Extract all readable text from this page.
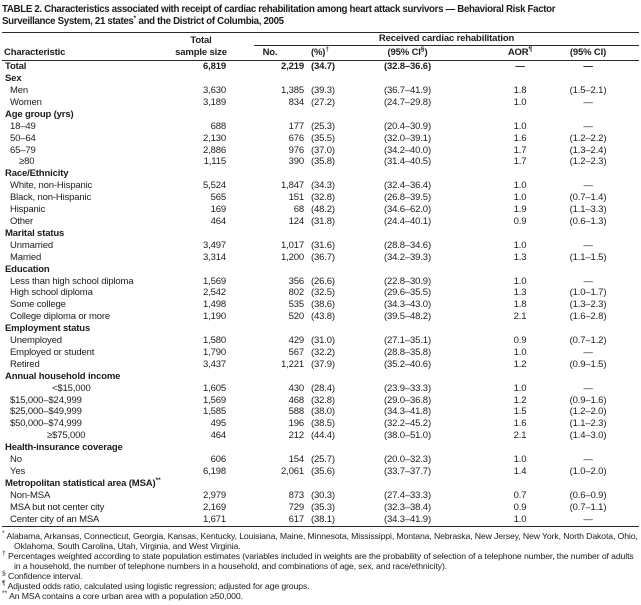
TABLE 2. Characteristics associated with receipt of cardiac rehabilitation among heart attack survivors — Behavioral Risk Factor
Surveillance System, 21 states* and the District of Columbia, 2005
	Total	Received cardiac rehabilitation				

Characteristic	sample size	No.	(%)†	(95% CI§)	AOR¶	(95% CI)
Total	6,819	2,219	(34.7)	(32.8–36.6)	—	—
Sex						
Men	3,630	1,385	(39.3)	(36.7–41.9)	1.8	(1.5–2.1)
Women	3,189	834	(27.2)	(24.7–29.8)	1.0	—
Age group (yrs)						
18–49	688	177	(25.3)	(20.4–30.9)	1.0	—
50–64	2,130	676	(35.5)	(32.0–39.1)	1.6	(1.2–2.2)
65–79	2,886	976	(37.0)	(34.2–40.0)	1.7	(1.3–2.4)
≥80	1,115	390	(35.8)	(31.4–40.5)	1.7	(1.2–2.3)
Race/Ethnicity						
White, non-Hispanic	5,524	1,847	(34.3)	(32.4–36.4)	1.0	—
Black, non-Hispanic	565	151	(32.8)	(26.8–39.5)	1.0	(0.7–1.4)
Hispanic	169	68	(48.2)	(34.6–62.0)	1.9	(1.1–3.3)
Other	464	124	(31.8)	(24.4–40.1)	0.9	(0.6–1.3)
Marital status						
Unmarried	3,497	1,017	(31.6)	(28.8–34.6)	1.0	—
Married	3,314	1,200	(36.7)	(34.2–39.3)	1.3	(1.1–1.5)
Education						
Less than high school diploma	1,569	356	(26.6)	(22.8–30.9)	1.0	—
High school diploma	2,542	802	(32.5)	(29.6–35.5)	1.3	(1.0–1.7)
Some college	1,498	535	(38.6)	(34.3–43.0)	1.8	(1.3–2.3)
College diploma or more	1,190	520	(43.8)	(39.5–48.2)	2.1	(1.6–2.8)
Employment status						
Unemployed	1,580	429	(31.0)	(27.1–35.1)	0.9	(0.7–1.2)
Employed or student	1,790	567	(32.2)	(28.8–35.8)	1.0	—
Retired	3,437	1,221	(37.9)	(35.2–40.6)	1.2	(0.9–1.5)
Annual household income						
<$15,000	1,605	430	(28.4)	(23.9–33.3)	1.0	—
$15,000–$24,999	1,569	468	(32.8)	(29.0–36.8)	1.2	(0.9–1.6)
$25,000–$49,999	1,585	588	(38.0)	(34.3–41.8)	1.5	(1.2–2.0)
$50,000–$74,999	495	196	(38.5)	(32.2–45.2)	1.6	(1.1–2.3)
≥$75,000	464	212	(44.4)	(38.0–51.0)	2.1	(1.4–3.0)
Health-insurance coverage						
No	606	154	(25.7)	(20.0–32.3)	1.0	—
Yes	6,198	2,061	(35.6)	(33.7–37.7)	1.4	(1.0–2.0)
Metropolitan statistical area (MSA)**
Non-MSA	2,979	873	(30.3)	(27.4–33.3)	0.7	(0.6–0.9)
MSA but not center city	2,169	729	(35.3)	(32.3–38.4)	0.9	(0.7–1.1)
Center city of an MSA	1,671	617	(38.1)	(34.3–41.9)	1.0	—
* Alabama, Arkansas, Connecticut, Georgia, Kansas, Kentucky, Louisiana, Maine, Minnesota, Mississippi, Montana, Nebraska, New Jersey, New York, North Dakota, Ohio, Oklahoma, South Carolina, Utah, Virginia, and West Virginia.
† Percentages weighted according to state population estimates (variables included in weights are the probability of selection of a telephone number, the number of adults in a household, the number of telephone numbers in a household, and combinations of age, sex, and race/ethnicity).
§ Confidence interval.
¶ Adjusted odds ratio, calculated using logistic regression; adjusted for age groups.
** An MSA contains a core urban area with a population ≥50,000.
